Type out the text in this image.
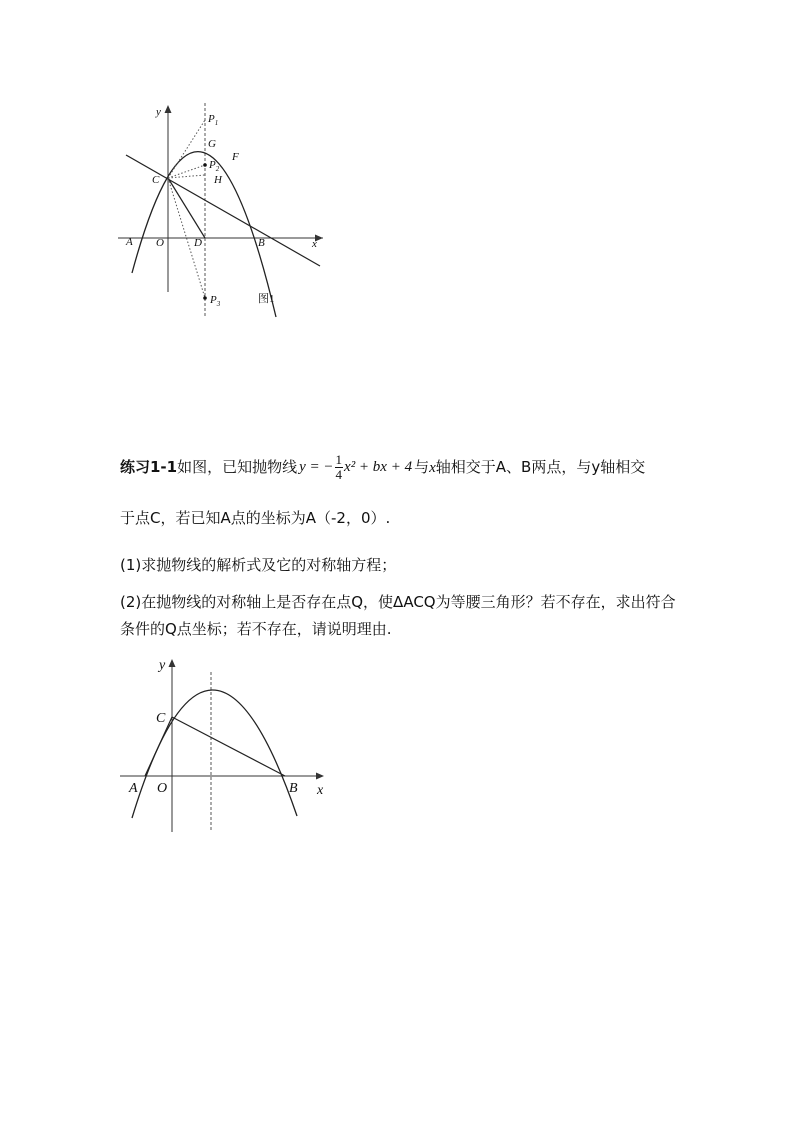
y
x
A O	D	B
C
G
F
H
$P_1$
$P_2$
$P_3$	图1
练习1-1如图，已知抛物线 y = − $\frac{1}{4} x^2$ + bx + 4 与x轴相交于A、B两点，与y轴相交
于点C，若已知A点的坐标为A（-2，0）.
(1)求抛物线的解析式及它的对称轴方程；
(2)在抛物线的对称轴上是否存在点Q，使ΔACQ为等腰三角形？若不存在，求出符合条件的Q点坐标；若不存在，请说明理由.
y
x
C
A O	B
